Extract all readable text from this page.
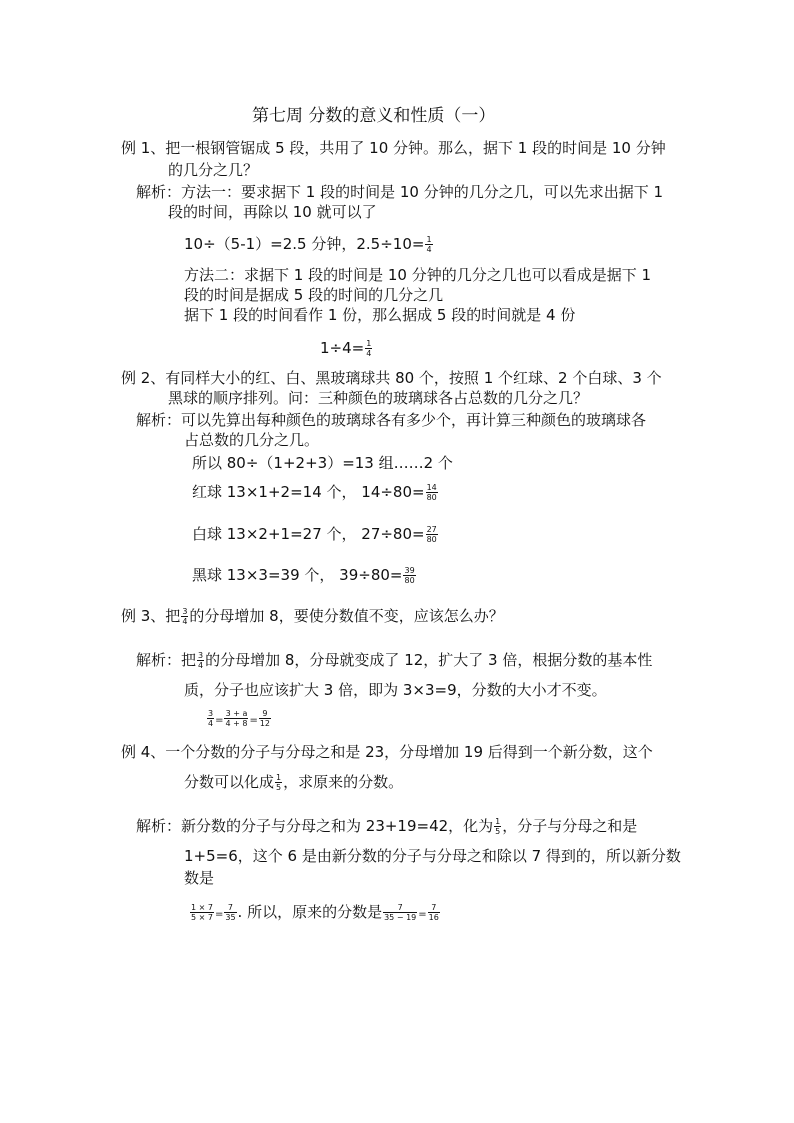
第七周 分数的意义和性质（一）
例 1、把一根钢管锯成 5 段，共用了 10 分钟。那么，据下 1 段的时间是 10 分钟
的几分之几？
解析：方法一：要求据下 1 段的时间是 10 分钟的几分之几，可以先求出据下 1
段的时间，再除以 10 就可以了
10÷（5-1）=2.5 分钟，$2.5\div 10= \frac{1}{4}$
方法二：求据下 1 段的时间是 10 分钟的几分之几也可以看成是据下 1
段的时间是据成 5 段的时间的几分之几
据下 1 段的时间看作 1 份，那么据成 5 段的时间就是 4 份
$1\div 4= \frac{1}{4}$
例 2、有同样大小的红、白、黑玻璃球共 80 个，按照 1 个红球、2 个白球、3 个
黑球的顺序排列。问：三种颜色的玻璃球各占总数的几分之几？
解析：可以先算出每种颜色的玻璃球各有多少个，再计算三种颜色的玻璃球各
占总数的几分之几。
所以 80÷（1+2+3）=13 组……2 个
红球 13×1+2=14 个， $14\div 80= \frac{14}{80}$
白球 13×2+1=27 个， $27\div 80= \frac{27}{80}$
黑球 13×3=39 个， $39\div 80= \frac{39}{80}$
例 3、把 $\frac{3}{4}$ 的分母增加 8，要使分数值不变，应该怎么办？
解析：把 $\frac{3}{4}$ 的分母增加 8，分母就变成了 12，扩大了 3 倍，根据分数的基本性
质，分子也应该扩大 3 倍，即为 3×3=9，分数的大小才不变。
$\frac{3}{4} = \frac{3 + a}{4 + 8} = \frac{9}{12}$
例 4、一个分数的分子与分母之和是 23，分母增加 19 后得到一个新分数，这个
分数可以化成 $\frac{1}{5}$ ，求原来的分数。
解析：新分数的分子与分母之和为 23+19=42，化为 $\frac{1}{5}$ ，分子与分母之和是
1+5=6，这个 6 是由新分数的分子与分母之和除以 7 得到的，所以新分数
数是
$\frac{1 \times 7}{5 \times 7} = \frac{7}{35}$ . 所以，原来的分数是 $\frac{7}{35 - 19} = \frac{7}{16}$
